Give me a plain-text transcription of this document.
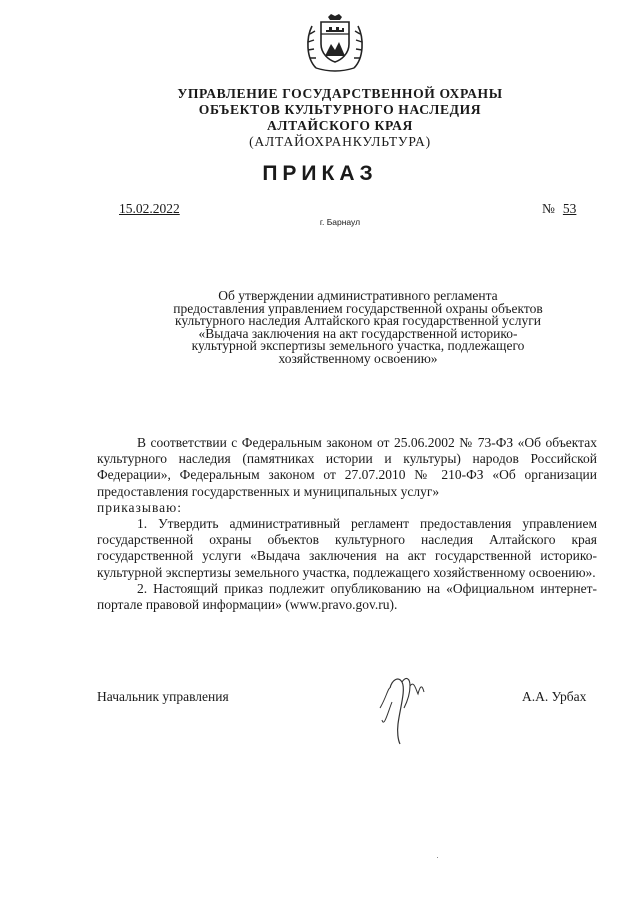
УПРАВЛЕНИЕ ГОСУДАРСТВЕННОЙ ОХРАНЫ
ОБЪЕКТОВ КУЛЬТУРНОГО НАСЛЕДИЯ
АЛТАЙСКОГО КРАЯ
(АЛТАЙОХРАНКУЛЬТУРА)
ПРИКАЗ
15.02.2022	№ 53
г. Барнаул
Об утверждении административного регламента предоставления управлением государственной охраны объектов культурного наследия Алтайского края государственной услуги «Выдача заключения на акт государственной историко-культурной экспертизы земельного участка, подлежащего хозяйственному освоению»

В соответствии с Федеральным законом от 25.06.2002 № 73-ФЗ «Об объектах культурного наследия (памятниках истории и культуры) народов Российской Федерации», Федеральным законом от 27.07.2010 № 210-ФЗ «Об организации предоставления государственных и муниципальных услуг»

приказываю:

1. Утвердить административный регламент предоставления управлением государственной охраны объектов культурного наследия Алтайского края государственной услуги «Выдача заключения на акт государственной историко-культурной экспертизы земельного участка, подлежащего хозяйственному освоению».

2. Настоящий приказ подлежит опубликованию на «Официальном интернет-портале правовой информации» (www.pravo.gov.ru).

Начальник управления	А.А. Урбах
